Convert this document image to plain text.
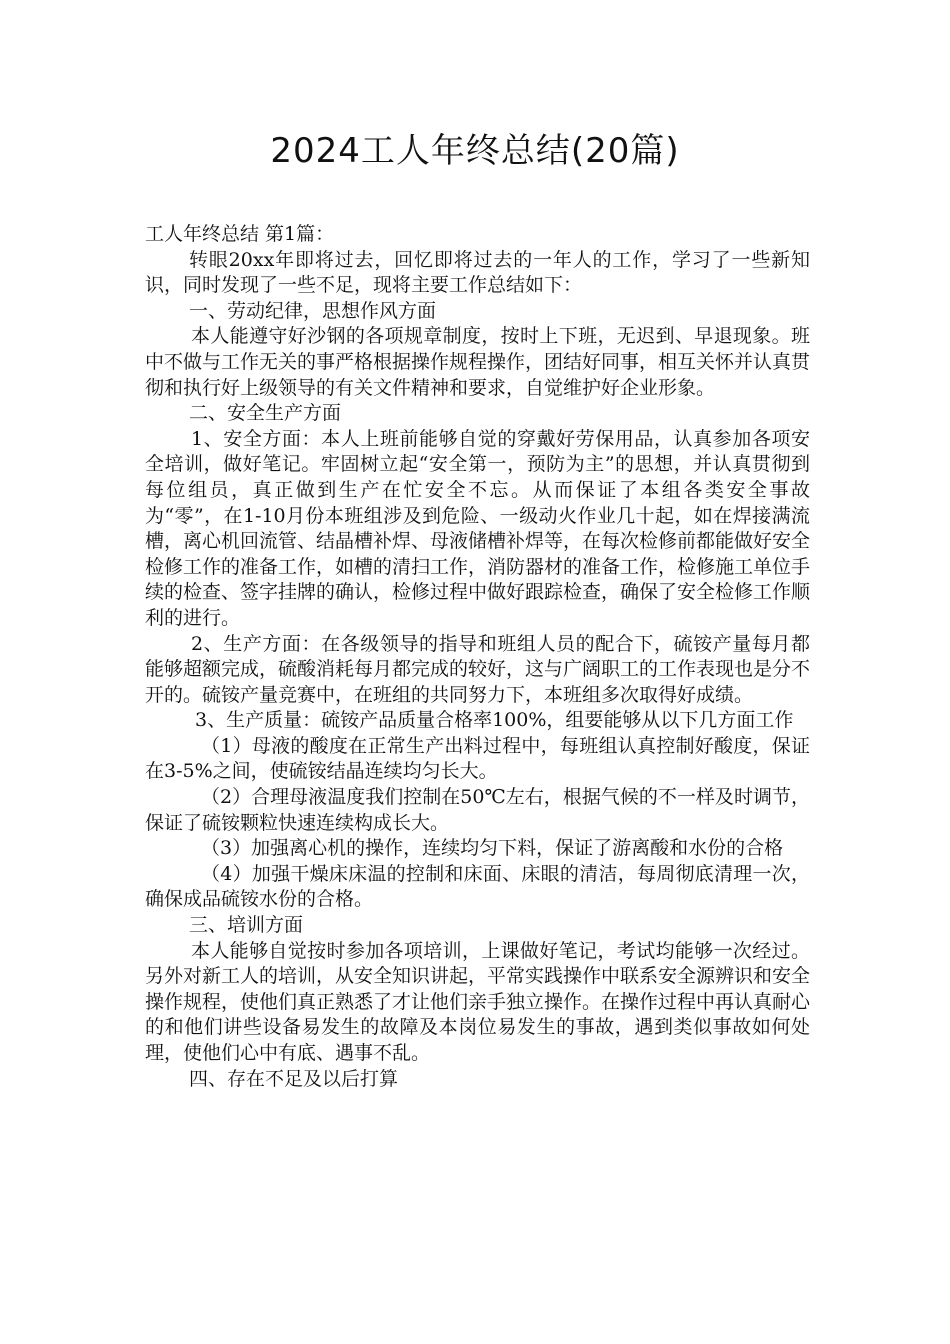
2024工人年终总结(20篇)

工人年终总结 第1篇：

转眼20xx年即将过去，回忆即将过去的一年人的工作，学习了一些新知识，同时发现了一些不足，现将主要工作总结如下：

一、劳动纪律，思想作风方面

本人能遵守好沙钢的各项规章制度，按时上下班，无迟到、早退现象。班中不做与工作无关的事严格根据操作规程操作，团结好同事，相互关怀并认真贯彻和执行好上级领导的有关文件精神和要求，自觉维护好企业形象。

二、安全生产方面

1、安全方面：本人上班前能够自觉的穿戴好劳保用品，认真参加各项安全培训，做好笔记。牢固树立起“安全第一，预防为主”的思想，并认真贯彻到每位组员，真正做到生产在忙安全不忘。从而保证了本组各类安全事故为“零”，在1-10月份本班组涉及到危险、一级动火作业几十起，如在焊接满流槽，离心机回流管、结晶槽补焊、母液储槽补焊等，在每次检修前都能做好安全检修工作的准备工作，如槽的清扫工作，消防器材的准备工作，检修施工单位手续的检查、签字挂牌的确认，检修过程中做好跟踪检查，确保了安全检修工作顺利的进行。

2、生产方面：在各级领导的指导和班组人员的配合下，硫铵产量每月都能够超额完成，硫酸消耗每月都完成的较好，这与广阔职工的工作表现也是分不开的。硫铵产量竞赛中，在班组的共同努力下，本班组多次取得好成绩。

3、生产质量：硫铵产品质量合格率100%，组要能够从以下几方面工作

（1）母液的酸度在正常生产出料过程中，每班组认真控制好酸度，保证在3-5%之间，使硫铵结晶连续均匀长大。

（2）合理母液温度我们控制在50℃左右，根据气候的不一样及时调节，保证了硫铵颗粒快速连续构成长大。

（3）加强离心机的操作，连续均匀下料，保证了游离酸和水份的合格

（4）加强干燥床床温的控制和床面、床眼的清洁，每周彻底清理一次，确保成品硫铵水份的合格。

三、培训方面

本人能够自觉按时参加各项培训，上课做好笔记，考试均能够一次经过。另外对新工人的培训，从安全知识讲起，平常实践操作中联系安全源辨识和安全操作规程，使他们真正熟悉了才让他们亲手独立操作。在操作过程中再认真耐心的和他们讲些设备易发生的故障及本岗位易发生的事故，遇到类似事故如何处理，使他们心中有底、遇事不乱。

四、存在不足及以后打算
